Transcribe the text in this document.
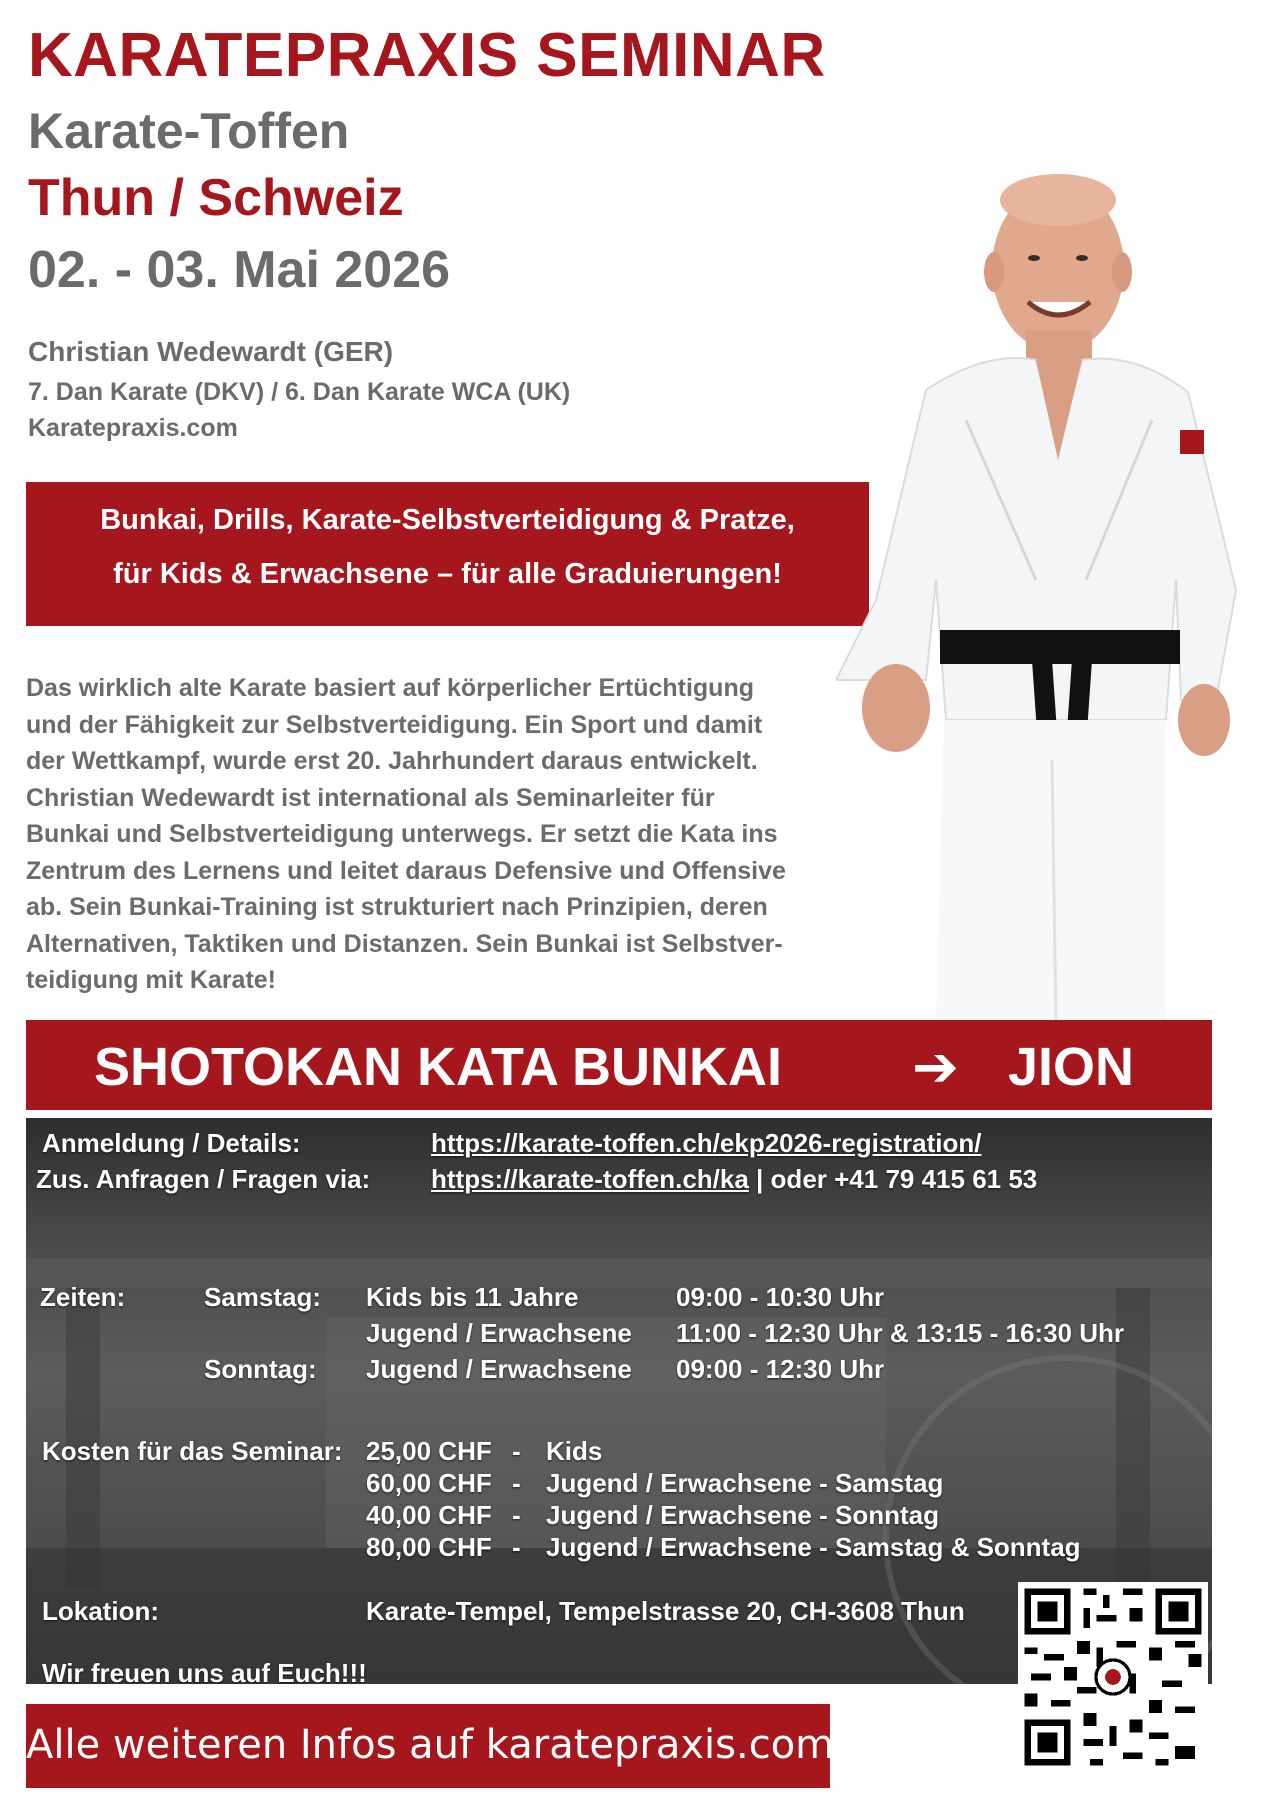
KARATEPRAXIS SEMINAR
Karate-Toffen
Thun / Schweiz
02. - 03. Mai 2026
Christian Wedewardt (GER)
7. Dan Karate (DKV) / 6. Dan Karate WCA (UK)
Karatepraxis.com
Bunkai, Drills, Karate-Selbstverteidigung & Pratze,
für Kids & Erwachsene – für alle Graduierungen!
Das wirklich alte Karate basiert auf körperlicher Ertüchtigung
und der Fähigkeit zur Selbstverteidigung. Ein Sport und damit
der Wettkampf, wurde erst 20. Jahrhundert daraus entwickelt.
Christian Wedewardt ist international als Seminarleiter für
Bunkai und Selbstverteidigung unterwegs. Er setzt die Kata ins
Zentrum des Lernens und leitet daraus Defensive und Offensive
ab. Sein Bunkai-Training ist strukturiert nach Prinzipien, deren
Alternativen, Taktiken und Distanzen. Sein Bunkai ist Selbstver-
teidigung mit Karate!
SHOTOKAN KATA BUNKAI ➔ JION
Anmeldung / Details:	https://karate-toffen.ch/ekp2026-registration/
Zus. Anfragen / Fragen via: https://karate-toffen.ch/ka | oder +41 79 415 61 53
Zeiten:	Samstag: Kids bis 11 Jahre	09:00 - 10:30 Uhr
Jugend / Erwachsene 11:00 - 12:30 Uhr & 13:15 - 16:30 Uhr
Sonntag: Jugend / Erwachsene 09:00 - 12:30 Uhr
Kosten für das Seminar: 25,00 CHF - Kids
60,00 CHF - Jugend / Erwachsene - Samstag
40,00 CHF - Jugend / Erwachsene - Sonntag
80,00 CHF - Jugend / Erwachsene - Samstag & Sonntag
Lokation:	Karate-Tempel, Tempelstrasse 20, CH-3608 Thun
Wir freuen uns auf Euch!!!
Alle weiteren Infos auf karatepraxis.com
